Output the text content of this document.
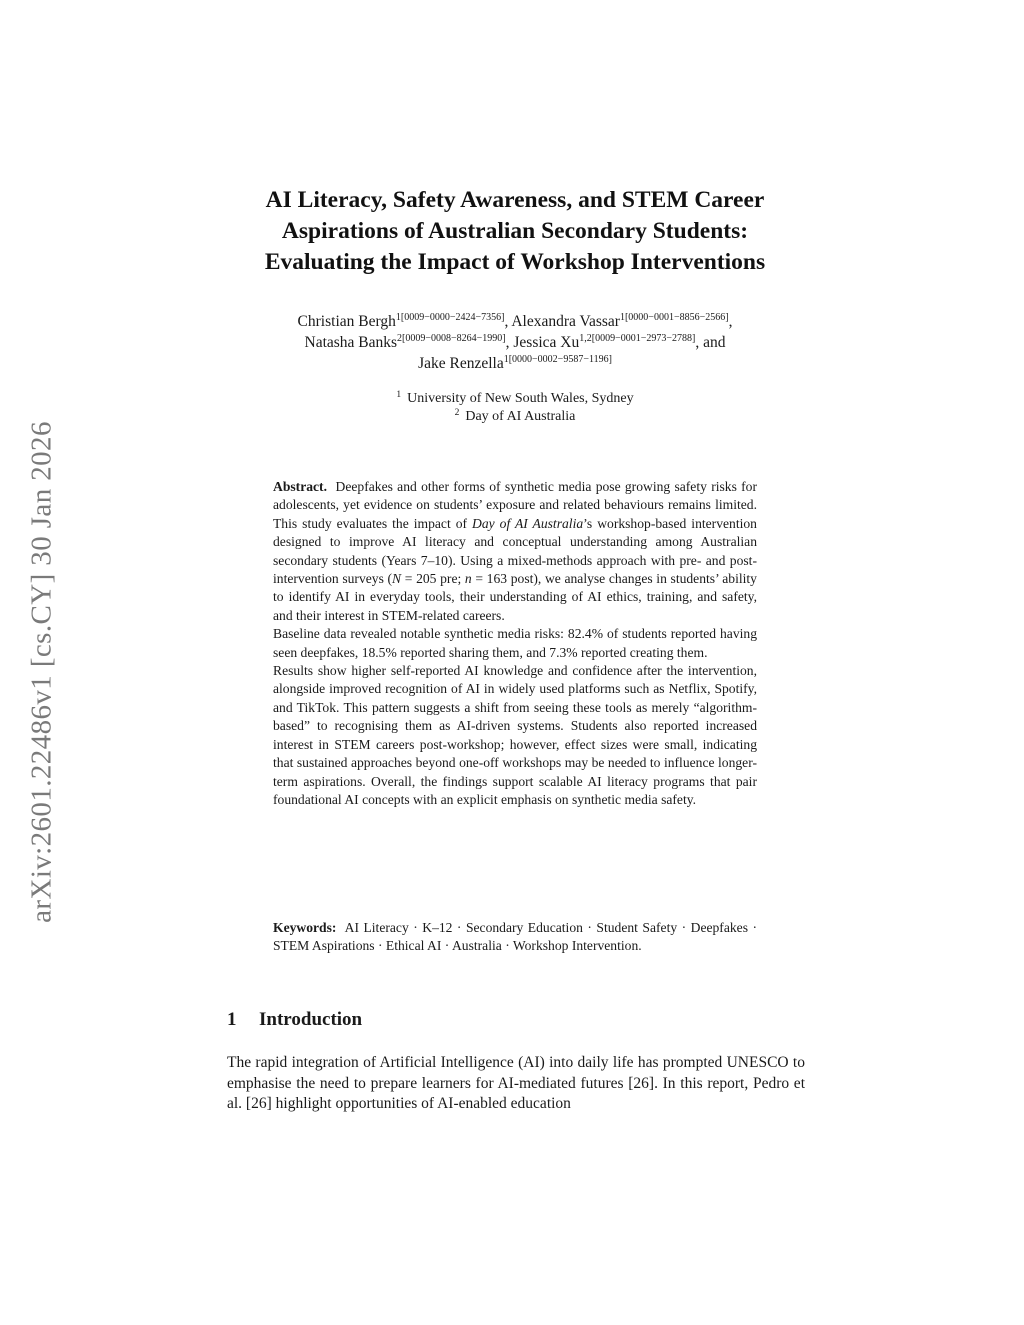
arXiv:2601.22486v1 [cs.CY] 30 Jan 2026
AI Literacy, Safety Awareness, and STEM Career
Aspirations of Australian Secondary Students:
Evaluating the Impact of Workshop Interventions
Christian Bergh$^{1[0009-0000-2424-7356]}$, Alexandra Vassar$^{1[0000-0001-8856-2566]}$,
Natasha Banks$^{2[0009-0008-8264-1990]}$, Jessica $Xu^{1,2[0009-0001-2973-2788]}$, and
Jake Renzella$^{1[0000-0002-9587-1196]}$
$^1$ University of New South Wales, Sydney
$^2$ Day of AI Australia

Abstract. Deepfakes and other forms of synthetic media pose growing safety risks for adolescents, yet evidence on students’ exposure and related behaviours remains limited. This study evaluates the impact of Day of AI Australia’s workshop-based intervention designed to improve AI literacy and conceptual understanding among Australian secondary students (Years 7–10). Using a mixed-methods approach with pre- and post-intervention surveys (N = 205 pre; n = 163 post), we analyse changes in students’ ability to identify AI in everyday tools, their understanding of AI ethics, training, and safety, and their interest in STEM-related careers.

Baseline data revealed notable synthetic media risks: 82.4% of students reported having seen deepfakes, 18.5% reported sharing them, and 7.3% reported creating them.

Results show higher self-reported AI knowledge and confidence after the intervention, alongside improved recognition of AI in widely used platforms such as Netflix, Spotify, and TikTok. This pattern suggests a shift from seeing these tools as merely “algorithm-based” to recognising them as AI-driven systems. Students also reported increased interest in STEM careers post-workshop; however, effect sizes were small, indicating that sustained approaches beyond one-off workshops may be needed to influence longer-term aspirations. Overall, the findings support scalable AI literacy programs that pair foundational AI concepts with an explicit emphasis on synthetic media safety.

Keywords: AI Literacy · K–12 · Secondary Education · Student Safety · Deepfakes · STEM Aspirations · Ethical AI · Australia · Workshop Intervention.

1 Introduction

The rapid integration of Artificial Intelligence (AI) into daily life has prompted UNESCO to emphasise the need to prepare learners for AI-mediated futures [26]. In this report, Pedro et al. [26] highlight opportunities of AI-enabled education
